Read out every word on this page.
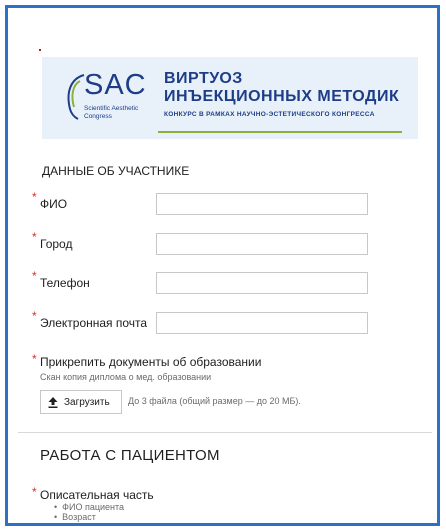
SAC
Scientific Aesthetic Congress
ВИРТУОЗ
ИНЪЕКЦИОННЫХ МЕТОДИК
КОНКУРС В РАМКАХ НАУЧНО-ЭСТЕТИЧЕСКОГО КОНГРЕССА
ДАННЫЕ ОБ УЧАСТНИКЕ
* ФИО
* Город
* Телефон
* Электронная почта
* Прикрепить документы об образовании
Скан копия диплома о мед. образовании
Загрузить До 3 файла (общий размер — до 20 МБ).
РАБОТА С ПАЦИЕНТОМ
* Описательная часть
• ФИО пациента
• Возраст
